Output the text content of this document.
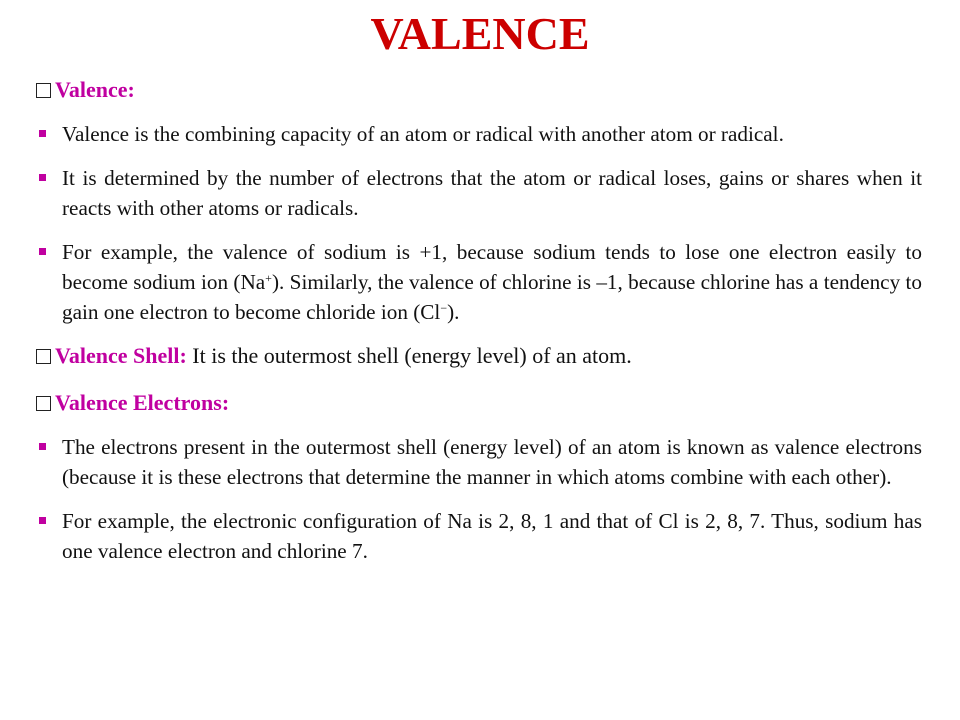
VALENCE
Valence:
Valence is the combining capacity of an atom or radical with another atom or radical.
It is determined by the number of electrons that the atom or radical loses, gains or shares when it reacts with other atoms or radicals.
For example, the valence of sodium is +1, because sodium tends to lose one electron easily to become sodium ion (Na+). Similarly, the valence of chlorine is –1, because chlorine has a tendency to gain one electron to become chloride ion (Cl−).
Valence Shell: It is the outermost shell (energy level) of an atom.
Valence Electrons:
The electrons present in the outermost shell (energy level) of an atom is known as valence electrons (because it is these electrons that determine the manner in which atoms combine with each other).
For example, the electronic configuration of Na is 2, 8, 1 and that of Cl is 2, 8, 7. Thus, sodium has one valence electron and chlorine 7.
